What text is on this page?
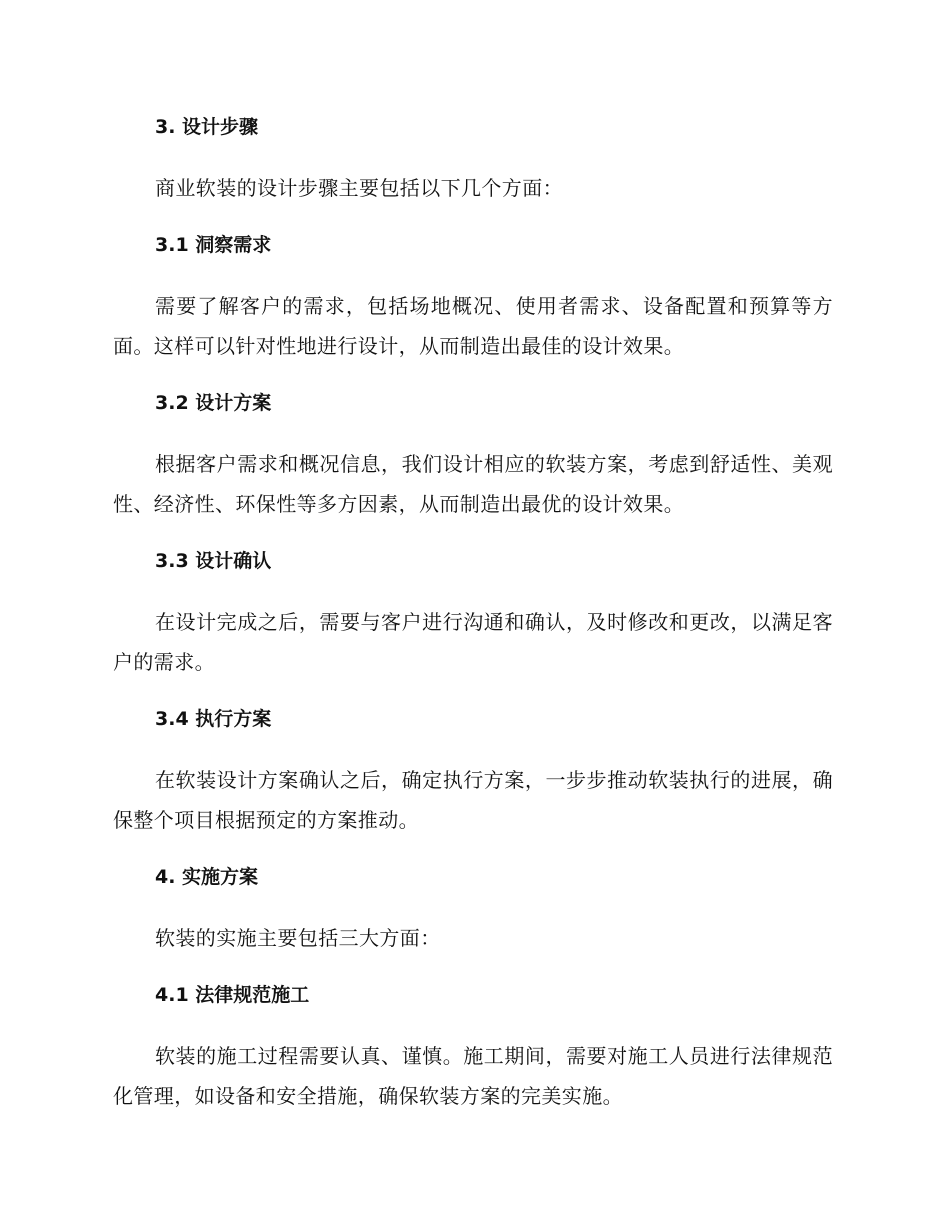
3. 设计步骤

商业软装的设计步骤主要包括以下几个方面：

3.1 洞察需求

需要了解客户的需求，包括场地概况、使用者需求、设备配置和预算等方面。这样可以针对性地进行设计，从而制造出最佳的设计效果。

3.2 设计方案

根据客户需求和概况信息，我们设计相应的软装方案，考虑到舒适性、美观性、经济性、环保性等多方因素，从而制造出最优的设计效果。

3.3 设计确认

在设计完成之后，需要与客户进行沟通和确认，及时修改和更改，以满足客户的需求。

3.4 执行方案

在软装设计方案确认之后，确定执行方案，一步步推动软装执行的进展，确保整个项目根据预定的方案推动。

4. 实施方案

软装的实施主要包括三大方面：

4.1 法律规范施工

软装的施工过程需要认真、谨慎。施工期间，需要对施工人员进行法律规范化管理，如设备和安全措施，确保软装方案的完美实施。
